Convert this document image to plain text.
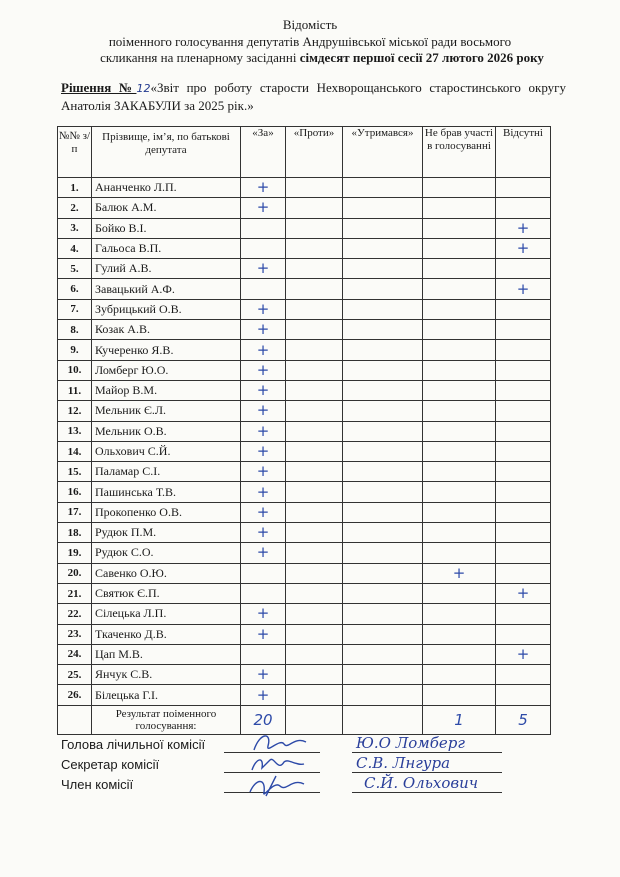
Відомість
поіменного голосування депутатів Андрушівської міської ради восьмого
скликання на пленарному засіданні сімдесят першої сесії 27 лютого 2026 року
Рішення №12«Звіт про роботу старости Нехворощанського старостинського округу Анатолія ЗАКАБУЛИ за 2025 рік.»
№№ з/п	Прізвище, ім’я, по батькові депутата	«За»	«Проти»	«Утримався»	Не брав участі в голосуванні	Відсутні
1.	Ананченко Л.П.	+				
2.	Балюк А.М.	+				
3.	Бойко В.І.					+
4.	Гальоса В.П.					+
5.	Гулий А.В.	+				
6.	Завацький А.Ф.					+
7.	Зубрицький О.В.	+				
8.	Козак А.В.	+				
9.	Кучеренко Я.В.	+				
10.	Ломберг Ю.О.	+				
11.	Майор В.М.	+				
12.	Мельник Є.Л.	+				
13.	Мельник О.В.	+				
14.	Ольхович С.Й.	+				
15.	Паламар С.І.	+				
16.	Пашинська Т.В.	+				
17.	Прокопенко О.В.	+				
18.	Рудюк П.М.	+				
19.	Рудюк С.О.	+				
20.	Савенко О.Ю.				+	
21.	Святюк Є.П.					+
22.	Сілецька Л.П.	+				
23.	Ткаченко Д.В.	+				
24.	Цап М.В.					+
25.	Янчук С.В.	+				
26.	Білецька Г.І.	+				
	Результат поіменного голосування:	20			1	5
Голова лічильної комісії
Секретар комісії
Член комісії
Ю.О Ломберг
С.В. Лнгура
С.Й. Ольхович
